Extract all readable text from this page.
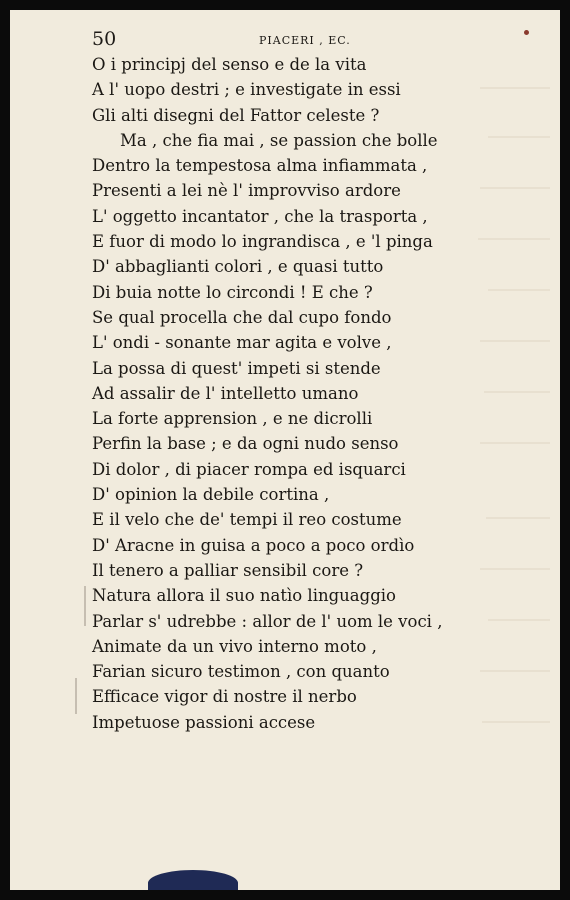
50	PIACERI , EC.
O i principj del senso e de la vita
A l' uopo destri ; e investigate in essi
Gli alti disegni del Fattor celeste ?
Ma , che fia mai , se passion che bolle
Dentro la tempestosa alma infiammata ,
Presenti a lei nè l' improvviso ardore
L' oggetto incantator , che la trasporta ,
E fuor di modo lo ingrandisca , e 'l pinga
D' abbaglianti colori , e quasi tutto
Di buia notte lo circondi ! E che ?
Se qual procella che dal cupo fondo
L' ondi - sonante mar agita e volve ,
La possa di quest' impeti si stende
Ad assalir de l' intelletto umano
La forte apprension , e ne dicrolli
Perfin la base ; e da ogni nudo senso
Di dolor , di piacer rompa ed isquarci
D' opinion la debile cortina ,
E il velo che de' tempi il reo costume
D' Aracne in guisa a poco a poco ordìo
Il tenero a palliar sensibil core ?
Natura allora il suo natìo linguaggio
Parlar s' udrebbe : allor de l' uom le voci ,
Animate da un vivo interno moto ,
Farian sicuro testimon , con quanto
Efficace vigor di nostre il nerbo
Impetuose passioni accese
